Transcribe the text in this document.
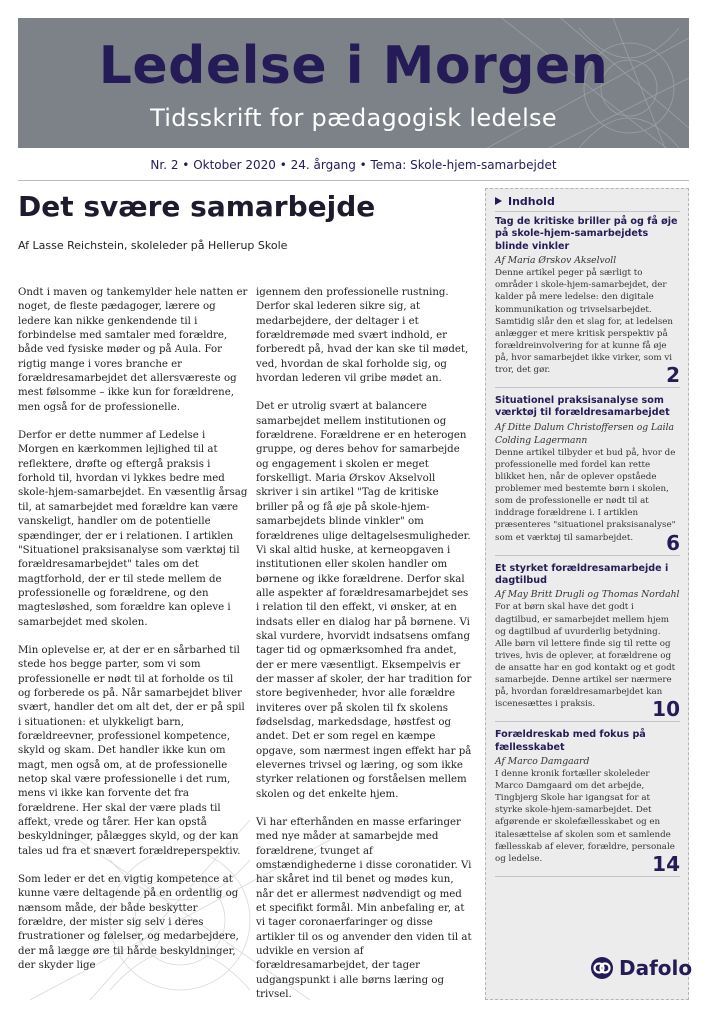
Ledelse i Morgen
Tidsskrift for pædagogisk ledelse
Nr. 2 • Oktober 2020 • 24. årgang • Tema: Skole-hjem-samarbejdet
Det svære samarbejde
Af Lasse Reichstein, skoleleder på Hellerup Skole

Ondt i maven og tankemylder hele natten er noget, de fleste pædagoger, lærere og ledere kan nikke genkendende til i forbindelse med samtaler med forældre, både ved fysiske møder og på Aula. For rigtig mange i vores branche er forældresamarbejdet det allersværeste og mest følsomme – ikke kun for forældrene, men også for de professionelle.

Derfor er dette nummer af Ledelse i Morgen en kærkommen lejlighed til at reflektere, drøfte og eftergå praksis i forhold til, hvordan vi lykkes bedre med skole-hjem-samarbejdet. En væsentlig årsag til, at samarbejdet med forældre kan være vanskeligt, handler om de potentielle spændinger, der er i relationen. I artiklen "Situationel praksisanalyse som værktøj til forældresamarbejdet" tales om det magtforhold, der er til stede mellem de professionelle og forældrene, og den magtesløshed, som forældre kan opleve i samarbejdet med skolen.

Min oplevelse er, at der er en sårbarhed til stede hos begge parter, som vi som professionelle er nødt til at forholde os til og forberede os på. Når samarbejdet bliver svært, handler det om alt det, der er på spil i situationen: et ulykkeligt barn, forældreevner, professionel kompetence, skyld og skam. Det handler ikke kun om magt, men også om, at de professionelle netop skal være professionelle i det rum, mens vi ikke kan forvente det fra forældrene. Her skal der være plads til affekt, vrede og tårer. Her kan opstå beskyldninger, pålægges skyld, og der kan tales ud fra et snævert forældreperspektiv.

Som leder er det en vigtig kompetence at kunne være deltagende på en ordentlig og nænsom måde, der både beskytter forældre, der mister sig selv i deres frustrationer og følelser, og medarbejdere, der må lægge øre til hårde beskyldninger, der skyder lige

igennem den professionelle rustning. Derfor skal lederen sikre sig, at medarbejdere, der deltager i et forældremøde med svært indhold, er forberedt på, hvad der kan ske til mødet, ved, hvordan de skal forholde sig, og hvordan lederen vil gribe mødet an.

Det er utrolig svært at balancere samarbejdet mellem institutionen og forældrene. Forældrene er en heterogen gruppe, og deres behov for samarbejde og engagement i skolen er meget forskelligt. Maria Ørskov Akselvoll skriver i sin artikel "Tag de kritiske briller på og få øje på skole-hjem-samarbejdets blinde vinkler" om forældrenes ulige deltagelsesmuligheder. Vi skal altid huske, at kerneopgaven i institutionen eller skolen handler om børnene og ikke forældrene. Derfor skal alle aspekter af forældresamarbejdet ses i relation til den effekt, vi ønsker, at en indsats eller en dialog har på børnene. Vi skal vurdere, hvorvidt indsatsens omfang tager tid og opmærksomhed fra andet, der er mere væsentligt. Eksempelvis er der masser af skoler, der har tradition for store begivenheder, hvor alle forældre inviteres over på skolen til fx skolens fødselsdag, markedsdage, høstfest og andet. Det er som regel en kæmpe opgave, som nærmest ingen effekt har på elevernes trivsel og læring, og som ikke styrker relationen og forståelsen mellem skolen og det enkelte hjem.

Vi har efterhånden en masse erfaringer med nye måder at samarbejde med forældrene, tvunget af omstændighederne i disse coronatider. Vi har skåret ind til benet og mødes kun, når det er allermest nødvendigt og med et specifikt formål. Min anbefaling er, at vi tager coronaerfaringer og disse artikler til os og anvender den viden til at udvikle en version af forældresamarbejdet, der tager udgangspunkt i alle børns læring og trivsel.

Indhold
Tag de kritiske briller på og få øje på skole-hjem-samarbejdets blinde vinkler
Af Maria Ørskov Akselvoll
Denne artikel peger på særligt to områder i skole-hjem-samarbejdet, der kalder på mere ledelse: den digitale kommunikation og trivselsarbejdet. Samtidig slår den et slag for, at ledelsen anlægger et mere kritisk perspektiv på forældreinvolvering for at kunne få øje på, hvor samarbejdet ikke virker, som vi tror, det gør.	2
Situationel praksisanalyse som værktøj til forældresamarbejdet
Af Ditte Dalum Christoffersen og Laila Colding Lagermann
Denne artikel tilbyder et bud på, hvor de professionelle med fordel kan rette blikket hen, når de oplever opståede problemer med bestemte børn i skolen, som de professionelle er nødt til at inddrage forældrene i. I artiklen præsenteres "situationel praksisanalyse" som et værktøj til samarbejdet.	6
Et styrket forældresamarbejde i dagtilbud
Af May Britt Drugli og Thomas Nordahl
For at børn skal have det godt i dagtilbud, er samarbejdet mellem hjem og dagtilbud af uvurderlig betydning. Alle børn vil lettere finde sig til rette og trives, hvis de oplever, at forældrene og de ansatte har en god kontakt og et godt samarbejde. Denne artikel ser nærmere på, hvordan forældresamarbejdet kan iscenesættes i praksis.	10
Forældreskab med fokus på fællesskabet
Af Marco Damgaard
I denne kronik fortæller skoleleder Marco Damgaard om det arbejde, Tingbjerg Skole har igangsat for at styrke skole-hjem-samarbejdet. Det afgørende er skolefællesskabet og en italesættelse af skolen som et samlende fællesskab af elever, forældre, personale og ledelse.	14
Dafolo
